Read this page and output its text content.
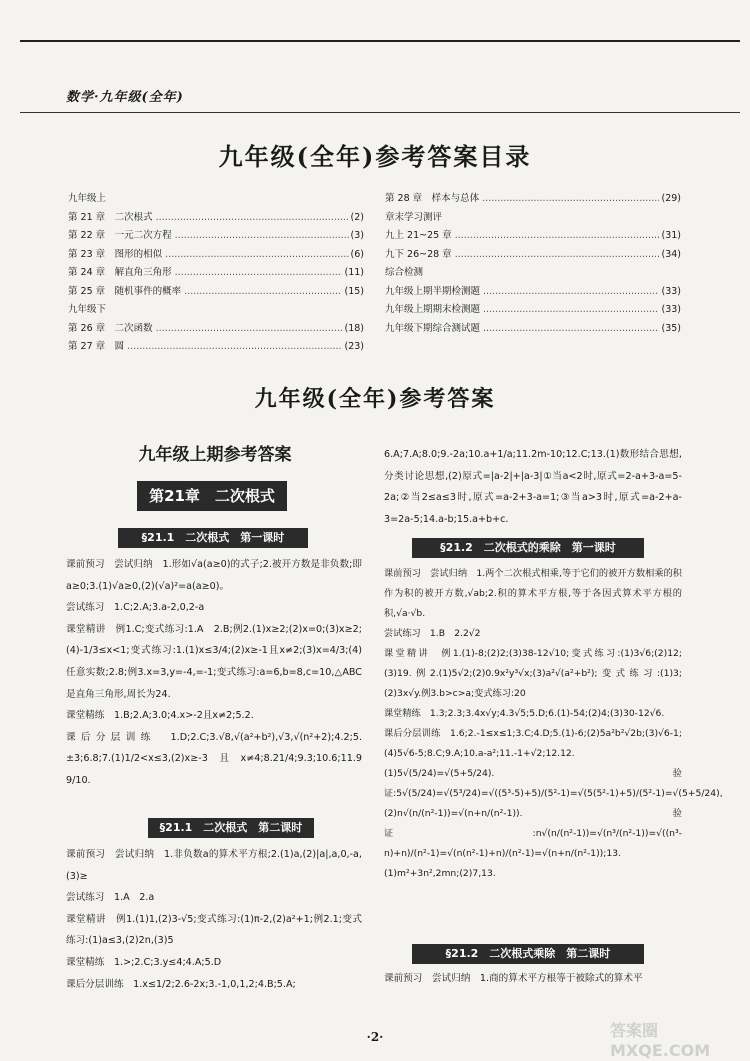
数学·九年级(全年)
九年级(全年)参考答案目录
九年级上
第 21 章　二次根式 .....	(2)
第 22 章　一元二次方程 .....	(3)
第 23 章　图形的相似 .....	(6)
第 24 章　解直角三角形 .....	(11)
第 25 章　随机事件的概率 .....	(15)
九年级下
第 26 章　二次函数 .....	(18)
第 27 章　圆 .....	(23)
第 28 章　样本与总体 .....	(29)
章末学习测评
九上 21~25 章 .....	(31)
九下 26~28 章 .....	(34)
综合检测
九年级上期半期检测题 .....	(33)
九年级上期期末检测题 .....	(33)
九年级下期综合测试题 .....	(35)
九年级(全年)参考答案
九年级上期参考答案
第21章　二次根式
§21.1　二次根式　第一课时

课前预习　尝试归纳　1.形如√a(a≥0)的式子;2.被开方数是非负数;即a≥0;3.(1)√a≥0,(2)(√a)²=a(a≥0)。

尝试练习　1.C;2.A;3.a-2,0,2-a

课堂精讲　例1.C;变式练习:1.A　2.B;例2.(1)x≥2;(2)x=0;(3)x≥2;(4)-1/3≤x<1;变式练习:1.(1)x≤3/4;(2)x≥-1且x≠2;(3)x=4/3;(4)任意实数;2.8;例3.x=3,y=-4,=-1;变式练习:a=6,b=8,c=10,△ABC是直角三角形,周长为24.

课堂精练　1.B;2.A;3.0;4.x>-2且x≠2;5.2.

课后分层训练　1.D;2.C;3.√8,√(a²+b²),√3,√(n²+2);4.2;5.±3;6.8;7.(1)1/2<x≤3,(2)x≥-3且x≠4;8.21/4;9.3;10.6;11.9 9/10.

§21.1　二次根式　第二课时

课前预习　尝试归纳　1.非负数a的算术平方根;2.(1)a,(2)|a|,a,0,-a,(3)≥

尝试练习　1.A　2.a

课堂精讲　例1.(1)1,(2)3-√5;变式练习:(1)π-2,(2)a²+1;例2.1;变式练习:(1)a≤3,(2)2n,(3)5

课堂精练　1.>;2.C;3.y≤4;4.A;5.D

课后分层训练　1.x≤1/2;2.6-2x;3.-1,0,1,2;4.B;5.A;

6.A;7.A;8.0;9.-2a;10.a+1/a;11.2m-10;12.C;13.(1)数形结合思想,分类讨论思想,(2)原式=|a-2|+|a-3|①当a<2时,原式=2-a+3-a=5-2a;②当2≤a≤3时,原式=a-2+3-a=1;③当a>3时,原式=a-2+a-3=2a-5;14.a-b;15.a+b+c.

§21.2　二次根式的乘除　第一课时

课前预习　尝试归纳　1.两个二次根式相乘,等于它们的被开方数相乘的积作为积的被开方数,√ab;2.积的算术平方根,等于各因式算术平方根的积,√a·√b.

尝试练习　1.B　2.2√2

课堂精讲　例1.(1)-8;(2)2;(3)38-12√10;变式练习:(1)3√6;(2)12;(3)19.例2.(1)5√2;(2)0.9x²y³√x;(3)a²√(a²+b²);变式练习:(1)3;(2)3x√y.例3.b>c>a;变式练习:20

课堂精练　1.3;2.3;3.4x√y;4.3√5;5.D;6.(1)-54;(2)4;(3)30-12√6.

课后分层训练　1.6;2.-1≤x≤1;3.C;4.D;5.(1)-6;(2)5a²b²√2b;(3)√6-1;(4)5√6-5;8.C;9.A;10.a-a²;11.-1+√2;12.12.(1)5√(5/24)=√(5+5/24).验证:5√(5/24)=√(5³/24)=√((5³-5)+5)/(5²-1)=√(5(5²-1)+5)/(5²-1)=√(5+5/24),(2)n√(n/(n²-1))=√(n+n/(n²-1)).验证:n√(n/(n²-1))=√(n³/(n²-1))=√((n³-n)+n)/(n²-1)=√(n(n²-1)+n)/(n²-1)=√(n+n/(n²-1));13.(1)m²+3n²,2mn;(2)7,13.

§21.2　二次根式乘除　第二课时

课前预习　尝试归纳　1.商的算术平方根等于被除式的算术平

·2·	答案圈 MXQE.COM
